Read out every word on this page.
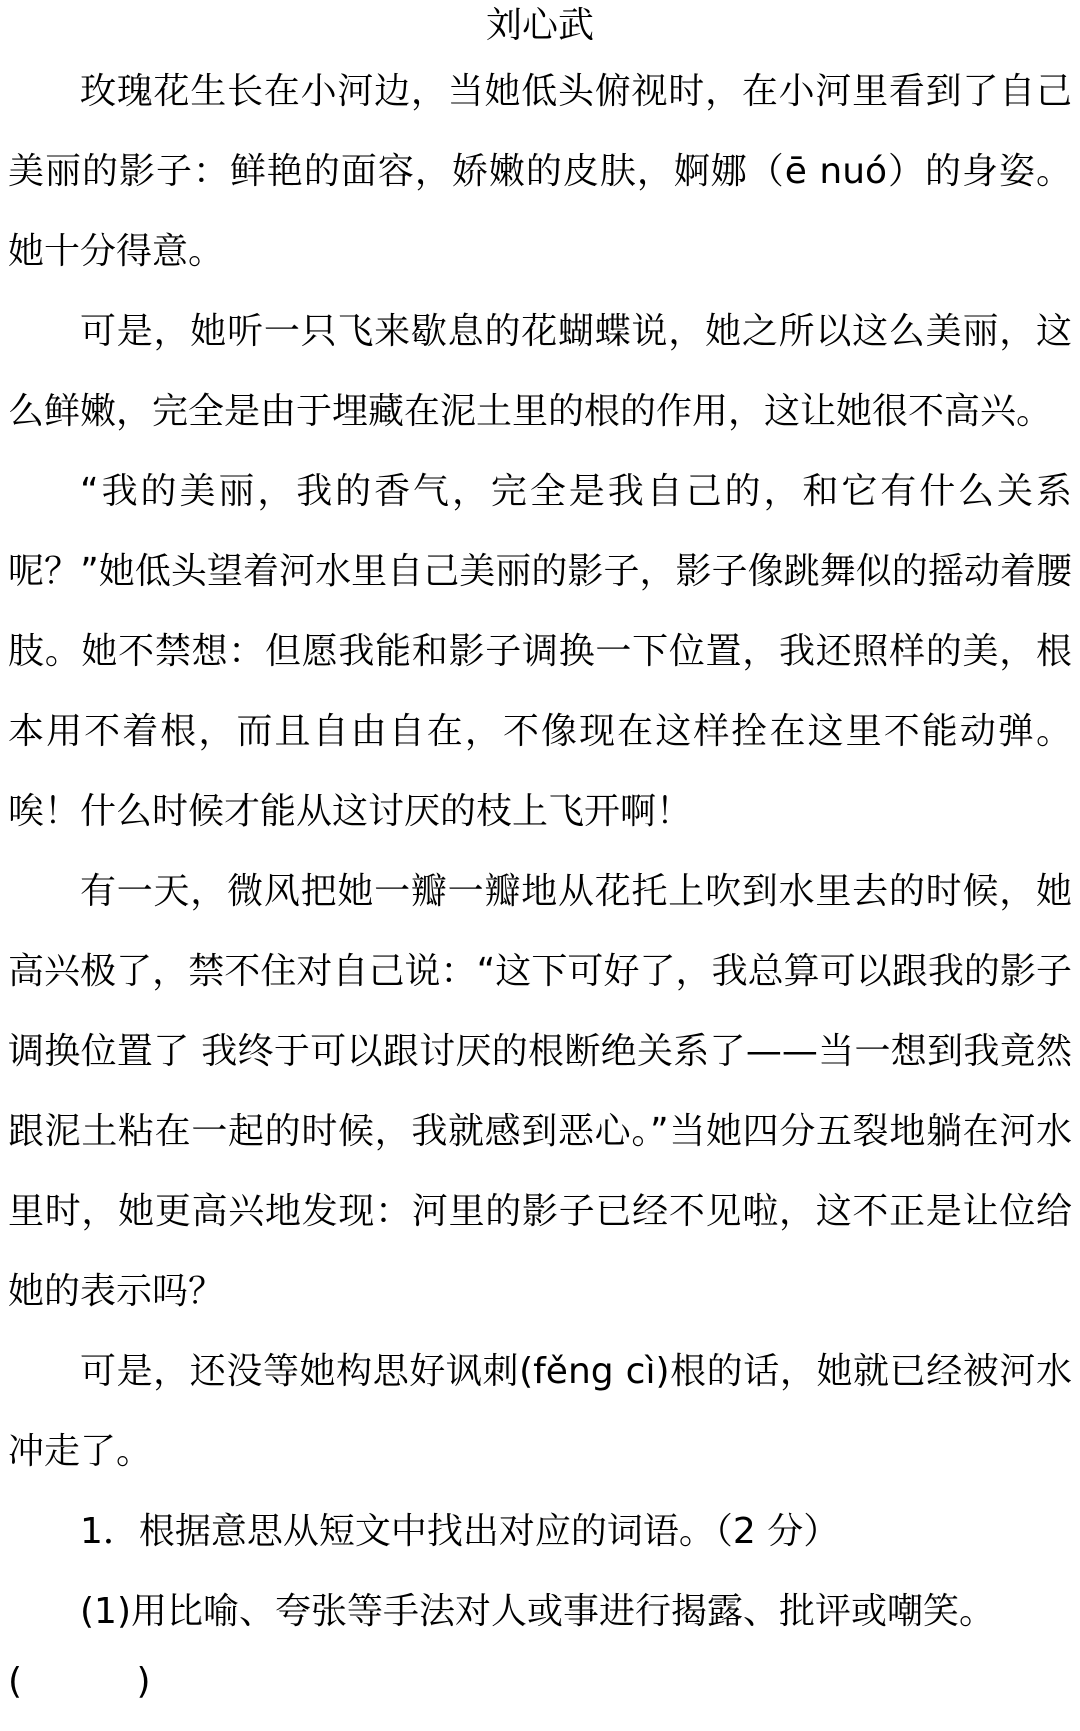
刘心武

玫瑰花生长在小河边，当她低头俯视时，在小河里看到了自己美丽的影子：鲜艳的面容，娇嫩的皮肤，婀娜（ē nuó）的身姿。她十分得意。

可是，她听一只飞来歇息的花蝴蝶说，她之所以这么美丽，这么鲜嫩，完全是由于埋藏在泥土里的根的作用，这让她很不高兴。

“我的美丽，我的香气，完全是我自己的，和它有什么关系呢？”她低头望着河水里自己美丽的影子，影子像跳舞似的摇动着腰肢。她不禁想：但愿我能和影子调换一下位置，我还照样的美，根本用不着根，而且自由自在，不像现在这样拴在这里不能动弹。唉！什么时候才能从这讨厌的枝上飞开啊！

有一天，微风把她一瓣一瓣地从花托上吹到水里去的时候，她高兴极了，禁不住对自己说：“这下可好了，我总算可以跟我的影子调换位置了 我终于可以跟讨厌的根断绝关系了——当一想到我竟然跟泥土粘在一起的时候，我就感到恶心。”当她四分五裂地躺在河水里时，她更高兴地发现：河里的影子已经不见啦，这不正是让位给她的表示吗？

可是，还没等她构思好讽刺(fěng cì)根的话，她就已经被河水冲走了。

1．根据意思从短文中找出对应的词语。（2 分）

(1)用比喻、夸张等手法对人或事进行揭露、批评或嘲笑。

(          )
